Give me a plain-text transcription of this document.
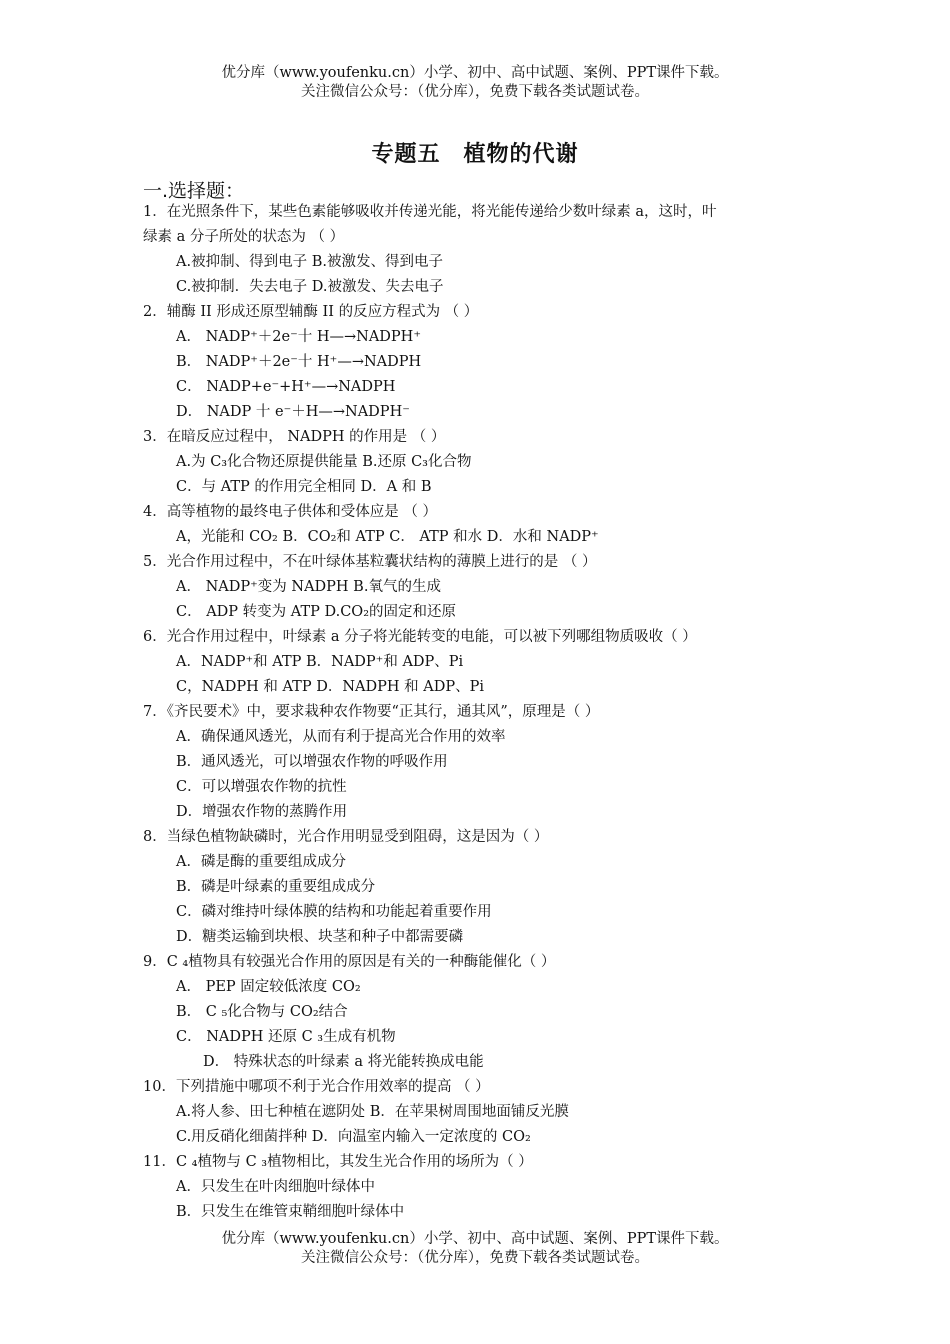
优分库（www.youfenku.cn）小学、初中、高中试题、案例、PPT课件下载。
关注微信公众号：（优分库），免费下载各类试题试卷。
专题五　植物的代谢
一.选择题：
1．在光照条件下，某些色素能够吸收并传递光能，将光能传递给少数叶绿素 a，这时，叶
绿素 a 分子所处的状态为 （ ）
A.被抑制、得到电子 B.被激发、得到电子
C.被抑制．失去电子 D.被激发、失去电子
2．辅酶 II 形成还原型辅酶 II 的反应方程式为 （ ）
A． NADP⁺＋2e⁻十 H—→NADPH⁺
B． NADP⁺＋2e⁻十 H⁺—→NADPH
C． NADP+e⁻+H⁺—→NADPH
D． NADP 十 e⁻＋H—→NADPH⁻
3．在暗反应过程中， NADPH 的作用是 （ ）
A.为 C₃化合物还原提供能量 B.还原 C₃化合物
C．与 ATP 的作用完全相同 D．A 和 B
4．高等植物的最终电子供体和受体应是 （ ）
A，光能和 CO₂ B．CO₂和 ATP C． ATP 和水 D．水和 NADP⁺
5．光合作用过程中，不在叶绿体基粒囊状结构的薄膜上进行的是 （ ）
A． NADP⁺变为 NADPH B.氧气的生成
C． ADP 转变为 ATP D.CO₂的固定和还原
6．光合作用过程中，叶绿素 a 分子将光能转变的电能，可以被下列哪组物质吸收（ ）
A．NADP⁺和 ATP B．NADP⁺和 ADP、Pi
C，NADPH 和 ATP D．NADPH 和 ADP、Pi
7．《齐民要术》中，要求栽种农作物要“正其行，通其风”，原理是（ ）
A．确保通风透光，从而有利于提高光合作用的效率
B．通风透光，可以增强农作物的呼吸作用
C．可以增强农作物的抗性
D．增强农作物的蒸腾作用
8．当绿色植物缺磷时，光合作用明显受到阻碍，这是因为（ ）
A．磷是酶的重要组成成分
B．磷是叶绿素的重要组成成分
C．磷对维持叶绿体膜的结构和功能起着重要作用
D．糖类运输到块根、块茎和种子中都需要磷
9．C ₄植物具有较强光合作用的原因是有关的一种酶能催化（ ）
A． PEP 固定较低浓度 CO₂
B． C ₅化合物与 CO₂结合
C． NADPH 还原 C ₃生成有机物
D． 特殊状态的叶绿素 a 将光能转换成电能
10．下列措施中哪项不利于光合作用效率的提高 （ ）
A.将人参、田七种植在遮阴处 B．在苹果树周围地面铺反光膜
C.用反硝化细菌拌种 D．向温室内输入一定浓度的 CO₂
11．C ₄植物与 C ₃植物相比，其发生光合作用的场所为（ ）
A．只发生在叶肉细胞叶绿体中
B．只发生在维管束鞘细胞叶绿体中
优分库（www.youfenku.cn）小学、初中、高中试题、案例、PPT课件下载。
关注微信公众号：（优分库），免费下载各类试题试卷。
